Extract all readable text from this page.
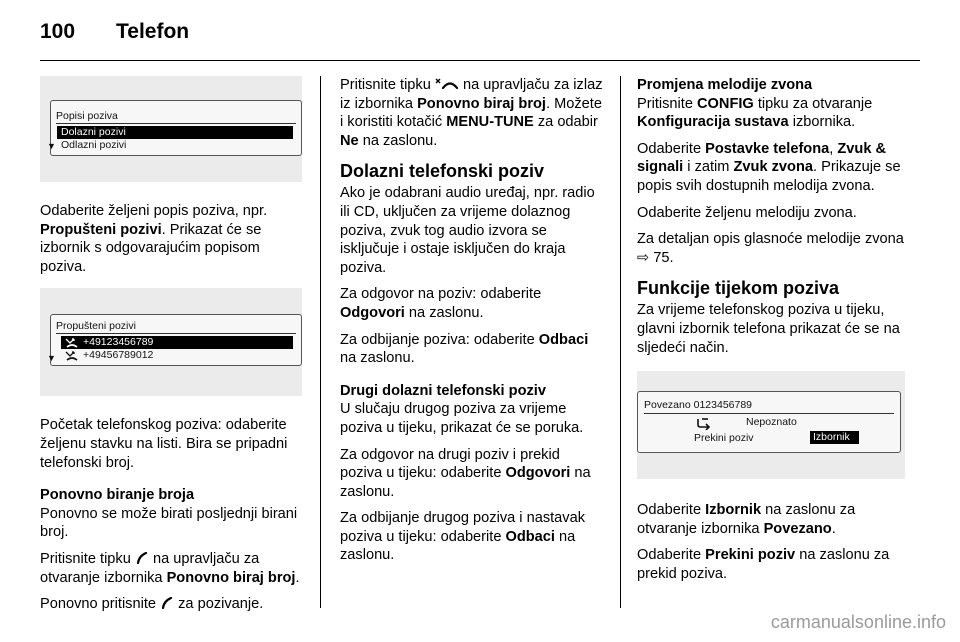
100 Telefon
Popisi poziva
Dolazni pozivi
▼ Odlazni pozivi

Odaberite željeni popis poziva, npr. Propušteni pozivi. Prikazat će se izbornik s odgovarajućim popisom poziva.

Propušteni pozivi
+49123456789
▼	+49456789012

Početak telefonskog poziva: odaberite željenu stavku na listi. Bira se pripadni telefonski broj.

Ponovno biranje broja

Ponovno se može birati posljednji birani broj.

Pritisnite tipku  na upravljaču za otvaranje izbornika Ponovno biraj broj.

Ponovno pritisnite  za pozivanje.

Pritisnite tipku  na upravljaču za izlaz iz izbornika Ponovno biraj broj. Možete i koristiti kotačić MENU-TUNE za odabir Ne na zaslonu.

Dolazni telefonski poziv

Ako je odabrani audio uređaj, npr. radio ili CD, uključen za vrijeme dolaznog poziva, zvuk tog audio izvora se isključuje i ostaje isključen do kraja poziva.

Za odgovor na poziv: odaberite Odgovori na zaslonu.

Za odbijanje poziva: odaberite Odbaci na zaslonu.

Drugi dolazni telefonski poziv

U slučaju drugog poziva za vrijeme poziva u tijeku, prikazat će se poruka.

Za odgovor na drugi poziv i prekid poziva u tijeku: odaberite Odgovori na zaslonu.

Za odbijanje drugog poziva i nastavak poziva u tijeku: odaberite Odbaci na zaslonu.

Promjena melodije zvona

Pritisnite CONFIG tipku za otvaranje Konfiguracija sustava izbornika.

Odaberite Postavke telefona, Zvuk & signali i zatim Zvuk zvona. Prikazuje se popis svih dostupnih melodija zvona.

Odaberite željenu melodiju zvona.

Za detaljan opis glasnoće melodije zvona ⇨ 75.

Funkcije tijekom poziva

Za vrijeme telefonskog poziva u tijeku, glavni izbornik telefona prikazat će se na sljedeći način.

Povezano 0123456789
Nepoznato
Prekini poziv	Izbornik

Odaberite Izbornik na zaslonu za otvaranje izbornika Povezano.

Odaberite Prekini poziv na zaslonu za prekid poziva.

carmanualsonline.info
